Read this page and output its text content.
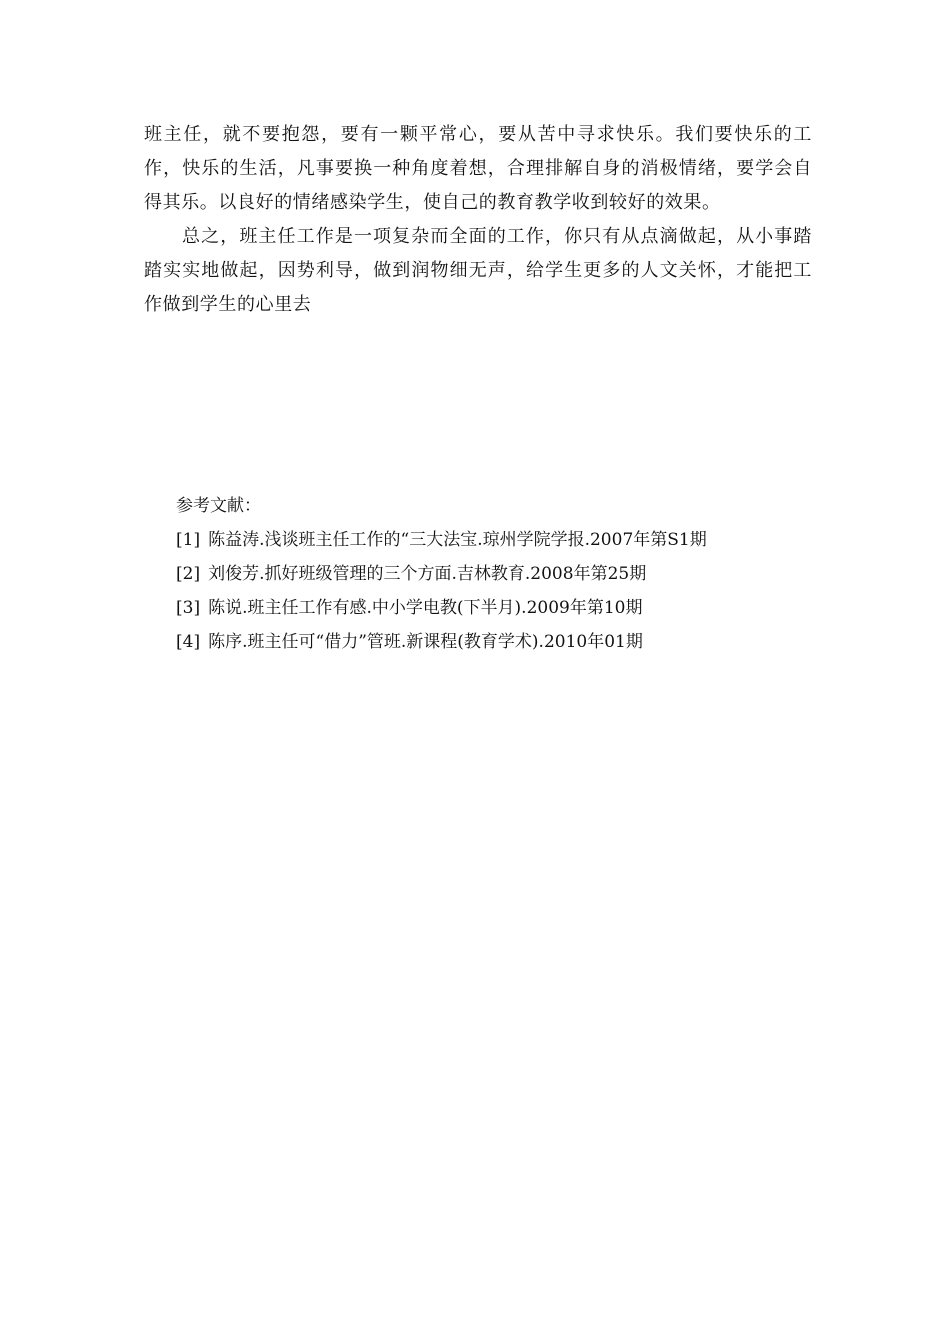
班主任，就不要抱怨，要有一颗平常心，要从苦中寻求快乐。我们要快乐的工作，快乐的生活，凡事要换一种角度着想，合理排解自身的消极情绪，要学会自得其乐。以良好的情绪感染学生，使自己的教育教学收到较好的效果。

总之，班主任工作是一项复杂而全面的工作，你只有从点滴做起，从小事踏踏实实地做起，因势利导，做到润物细无声，给学生更多的人文关怀，才能把工作做到学生的心里去

参考文献：

[1] 陈益涛.浅谈班主任工作的“三大法宝.琼州学院学报.2007年第S1期
[2] 刘俊芳.抓好班级管理的三个方面.吉林教育.2008年第25期
[3] 陈说.班主任工作有感.中小学电教(下半月).2009年第10期
[4] 陈序.班主任可“借力”管班.新课程(教育学术).2010年01期
